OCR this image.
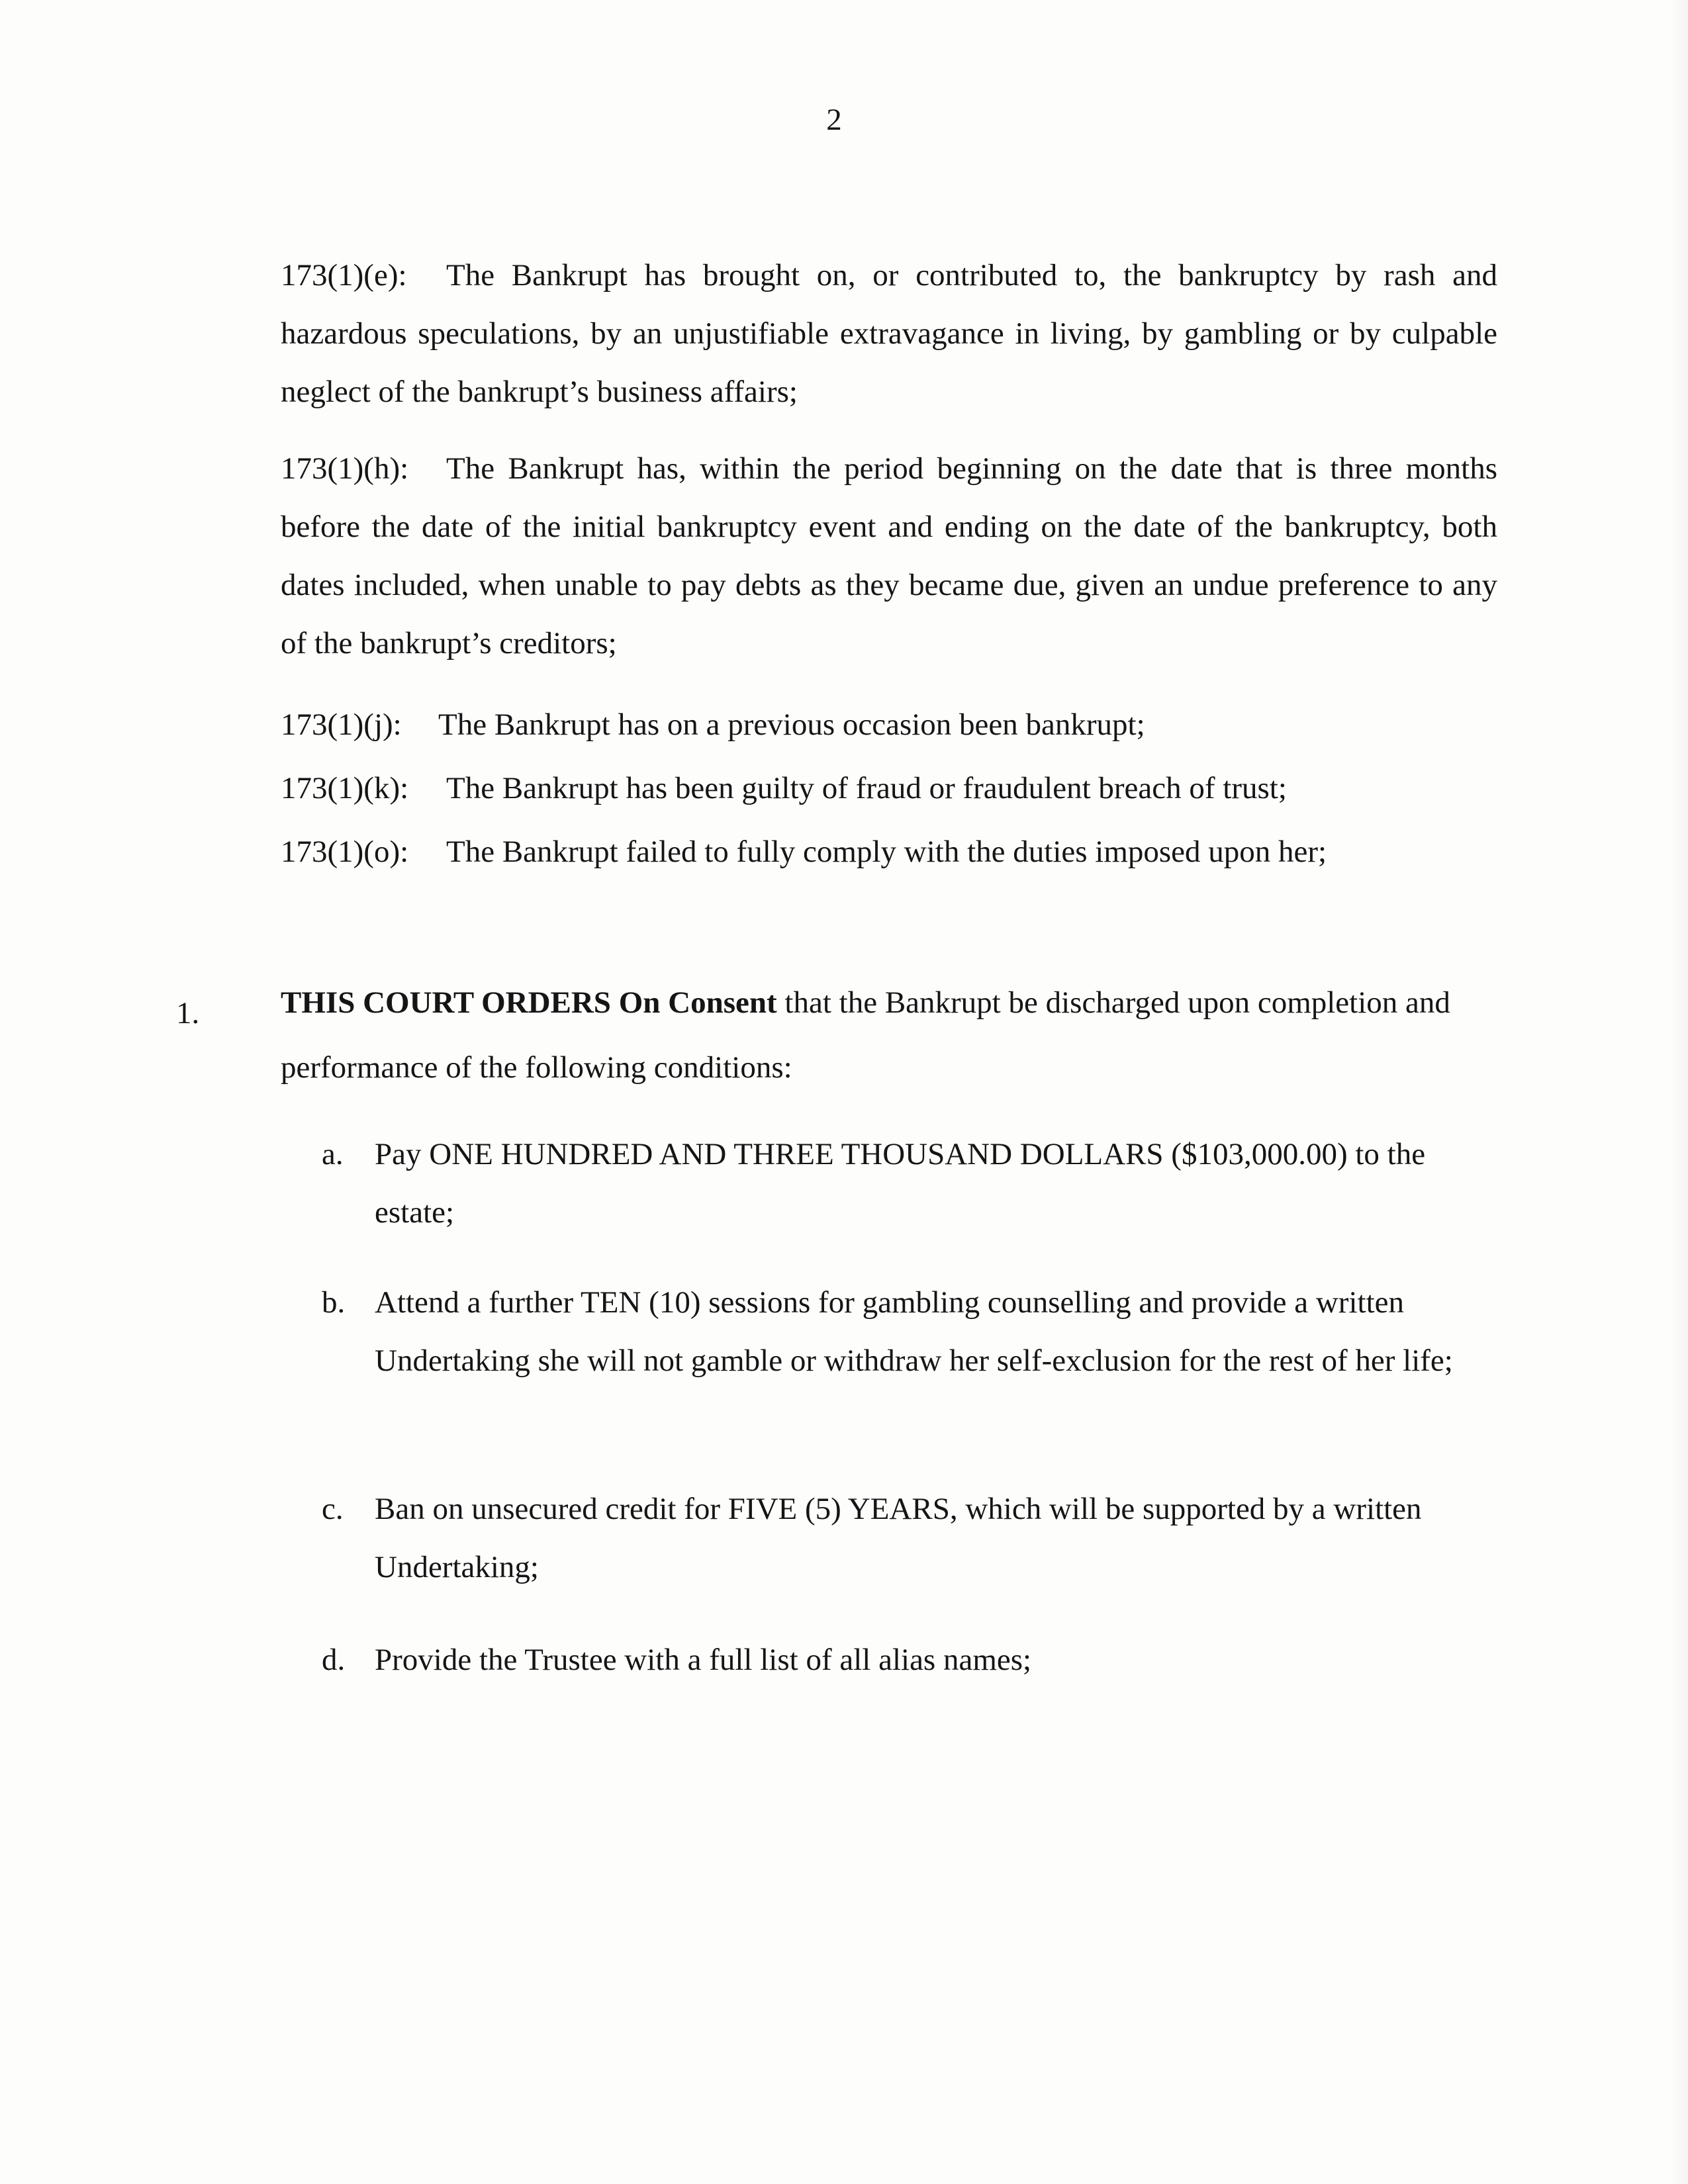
2
173(1)(e): The Bankrupt has brought on, or contributed to, the bankruptcy by rash and hazardous speculations, by an unjustifiable extravagance in living, by gambling or by culpable neglect of the bankrupt’s business affairs;
173(1)(h): The Bankrupt has, within the period beginning on the date that is three months before the date of the initial bankruptcy event and ending on the date of the bankruptcy, both dates included, when unable to pay debts as they became due, given an undue preference to any of the bankrupt’s creditors;
173(1)(j): The Bankrupt has on a previous occasion been bankrupt;
173(1)(k): The Bankrupt has been guilty of fraud or fraudulent breach of trust;
173(1)(o): The Bankrupt failed to fully comply with the duties imposed upon her;
1.	THIS COURT ORDERS On Consent that the Bankrupt be discharged upon completion and performance of the following conditions:
a. Pay ONE HUNDRED AND THREE THOUSAND DOLLARS ($103,000.00) to the estate;
b. Attend a further TEN (10) sessions for gambling counselling and provide a written Undertaking she will not gamble or withdraw her self-exclusion for the rest of her life;
c. Ban on unsecured credit for FIVE (5) YEARS, which will be supported by a written Undertaking;
d. Provide the Trustee with a full list of all alias names;
